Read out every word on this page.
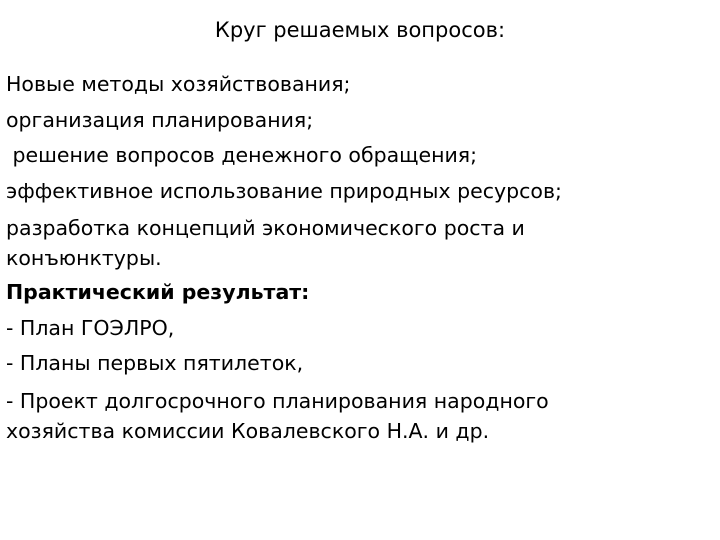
Круг решаемых вопросов:

Новые методы хозяйствования;

организация планирования;

решение вопросов денежного обращения;

эффективное использование природных ресурсов;

разработка концепций экономического роста и конъюнктуры.

Практический результат:

- План ГОЭЛРО,

- Планы первых пятилеток,

- Проект долгосрочного планирования народного хозяйства комиссии Ковалевского Н.А. и др.
